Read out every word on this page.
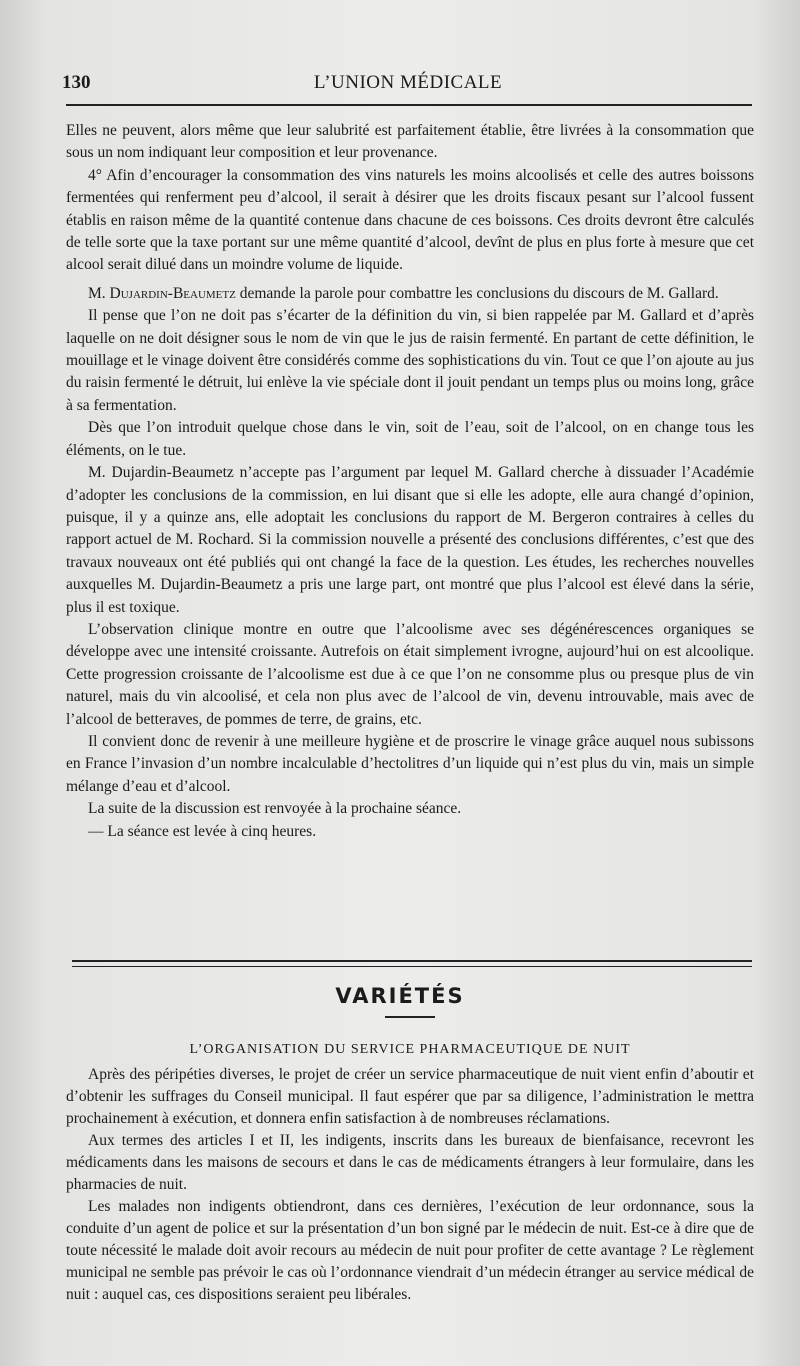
130	L’UNION MÉDICALE

Elles ne peuvent, alors même que leur salubrité est parfaitement établie, être livrées à la consommation que sous un nom indiquant leur composition et leur provenance.

4° Afin d’encourager la consommation des vins naturels les moins alcoolisés et celle des autres boissons fermentées qui renferment peu d’alcool, il serait à désirer que les droits fiscaux pesant sur l’alcool fussent établis en raison même de la quantité contenue dans chacune de ces boissons. Ces droits devront être calculés de telle sorte que la taxe portant sur une même quantité d’alcool, devînt de plus en plus forte à mesure que cet alcool serait dilué dans un moindre volume de liquide.

M. Dujardin-Beaumetz demande la parole pour combattre les conclusions du discours de M. Gallard.

Il pense que l’on ne doit pas s’écarter de la définition du vin, si bien rappelée par M. Gallard et d’après laquelle on ne doit désigner sous le nom de vin que le jus de raisin fermenté. En partant de cette définition, le mouillage et le vinage doivent être considérés comme des sophistications du vin. Tout ce que l’on ajoute au jus du raisin fermenté le détruit, lui enlève la vie spéciale dont il jouit pendant un temps plus ou moins long, grâce à sa fermentation.

Dès que l’on introduit quelque chose dans le vin, soit de l’eau, soit de l’alcool, on en change tous les éléments, on le tue.

M. Dujardin-Beaumetz n’accepte pas l’argument par lequel M. Gallard cherche à dissuader l’Académie d’adopter les conclusions de la commission, en lui disant que si elle les adopte, elle aura changé d’opinion, puisque, il y a quinze ans, elle adoptait les conclusions du rapport de M. Bergeron contraires à celles du rapport actuel de M. Rochard. Si la commission nouvelle a présenté des conclusions différentes, c’est que des travaux nouveaux ont été publiés qui ont changé la face de la question. Les études, les recherches nouvelles auxquelles M. Dujardin-Beaumetz a pris une large part, ont montré que plus l’alcool est élevé dans la série, plus il est toxique.

L’observation clinique montre en outre que l’alcoolisme avec ses dégénérescences organiques se développe avec une intensité croissante. Autrefois on était simplement ivrogne, aujourd’hui on est alcoolique. Cette progression croissante de l’alcoolisme est due à ce que l’on ne consomme plus ou presque plus de vin naturel, mais du vin alcoolisé, et cela non plus avec de l’alcool de vin, devenu introuvable, mais avec de l’alcool de betteraves, de pommes de terre, de grains, etc.

Il convient donc de revenir à une meilleure hygiène et de proscrire le vinage grâce auquel nous subissons en France l’invasion d’un nombre incalculable d’hectolitres d’un liquide qui n’est plus du vin, mais un simple mélange d’eau et d’alcool.

La suite de la discussion est renvoyée à la prochaine séance.

— La séance est levée à cinq heures.

VARIÉTÉS
L’ORGANISATION DU SERVICE PHARMACEUTIQUE DE NUIT

Après des péripéties diverses, le projet de créer un service pharmaceutique de nuit vient enfin d’aboutir et d’obtenir les suffrages du Conseil municipal. Il faut espérer que par sa diligence, l’administration le mettra prochainement à exécution, et donnera enfin satisfaction à de nombreuses réclamations.

Aux termes des articles I et II, les indigents, inscrits dans les bureaux de bienfaisance, recevront les médicaments dans les maisons de secours et dans le cas de médicaments étrangers à leur formulaire, dans les pharmacies de nuit.

Les malades non indigents obtiendront, dans ces dernières, l’exécution de leur ordonnance, sous la conduite d’un agent de police et sur la présentation d’un bon signé par le médecin de nuit. Est-ce à dire que de toute nécessité le malade doit avoir recours au médecin de nuit pour profiter de cette avantage ? Le règlement municipal ne semble pas prévoir le cas où l’ordonnance viendrait d’un médecin étranger au service médical de nuit : auquel cas, ces dispositions seraient peu libérales.
